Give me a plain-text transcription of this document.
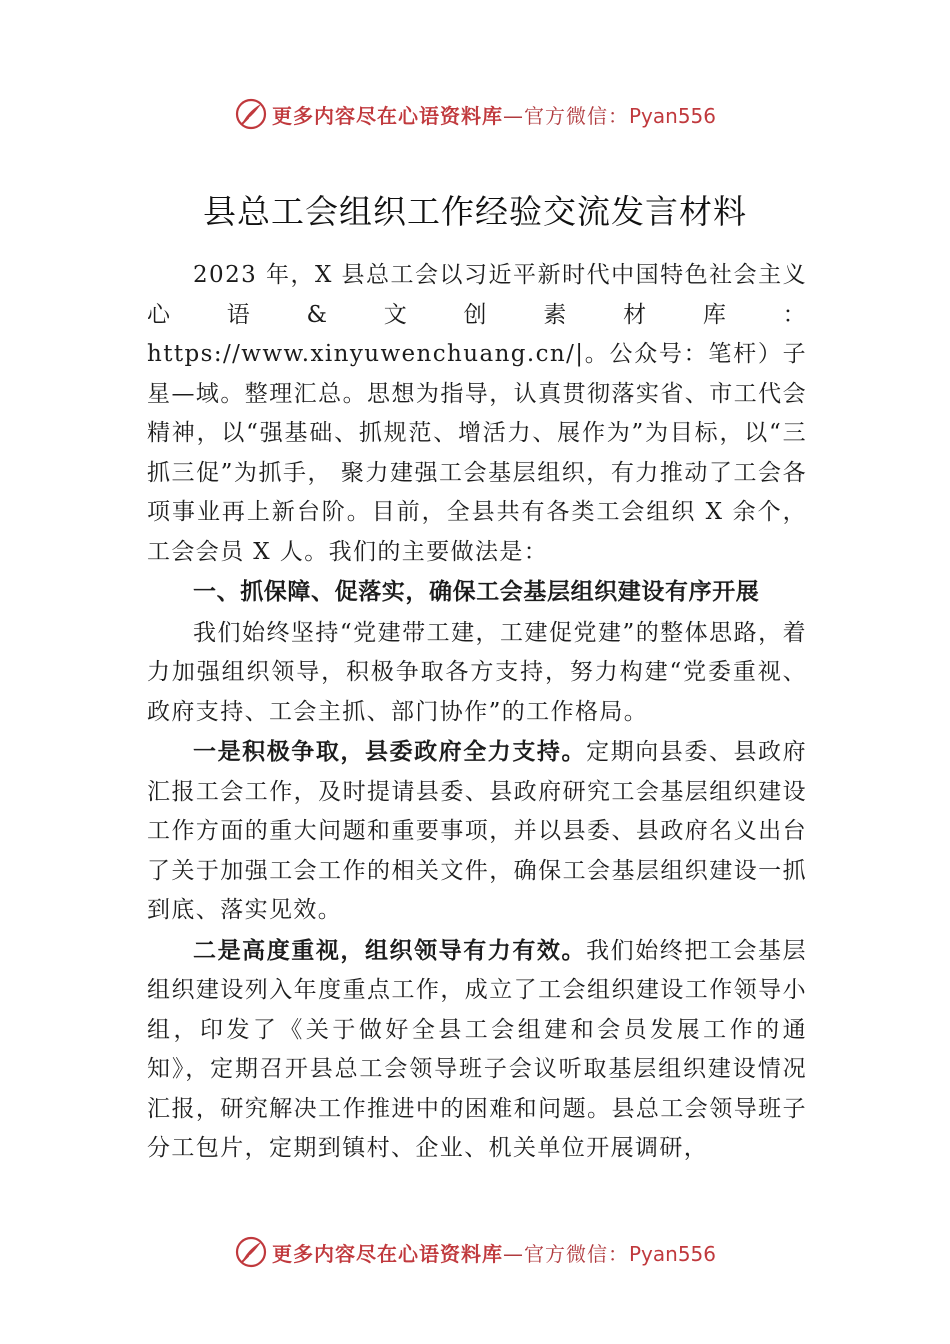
更多内容尽在心语资料库—官方微信：Pyan556
县总工会组织工作经验交流发言材料

2023 年，X 县总工会以习近平新时代中国特色社会主义心语&文创素材库：https://www.xinyuwenchuang.cn/|。公众号：笔杆）子星—域。整理汇总。思想为指导，认真贯彻落实省、市工代会精神，以“强基础、抓规范、增活力、展作为”为目标，以“三抓三促”为抓手， 聚力建强工会基层组织，有力推动了工会各项事业再上新台阶。目前，全县共有各类工会组织 X 余个，工会会员 X 人。我们的主要做法是：

一、抓保障、促落实，确保工会基层组织建设有序开展

我们始终坚持“党建带工建，工建促党建”的整体思路，着力加强组织领导，积极争取各方支持，努力构建“党委重视、政府支持、工会主抓、部门协作”的工作格局。

一是积极争取，县委政府全力支持。定期向县委、县政府汇报工会工作，及时提请县委、县政府研究工会基层组织建设工作方面的重大问题和重要事项，并以县委、县政府名义出台了关于加强工会工作的相关文件，确保工会基层组织建设一抓到底、落实见效。

二是高度重视，组织领导有力有效。我们始终把工会基层组织建设列入年度重点工作，成立了工会组织建设工作领导小组，印发了《关于做好全县工会组建和会员发展工作的通知》，定期召开县总工会领导班子会议听取基层组织建设情况汇报，研究解决工作推进中的困难和问题。县总工会领导班子分工包片，定期到镇村、企业、机关单位开展调研，

更多内容尽在心语资料库—官方微信：Pyan556
